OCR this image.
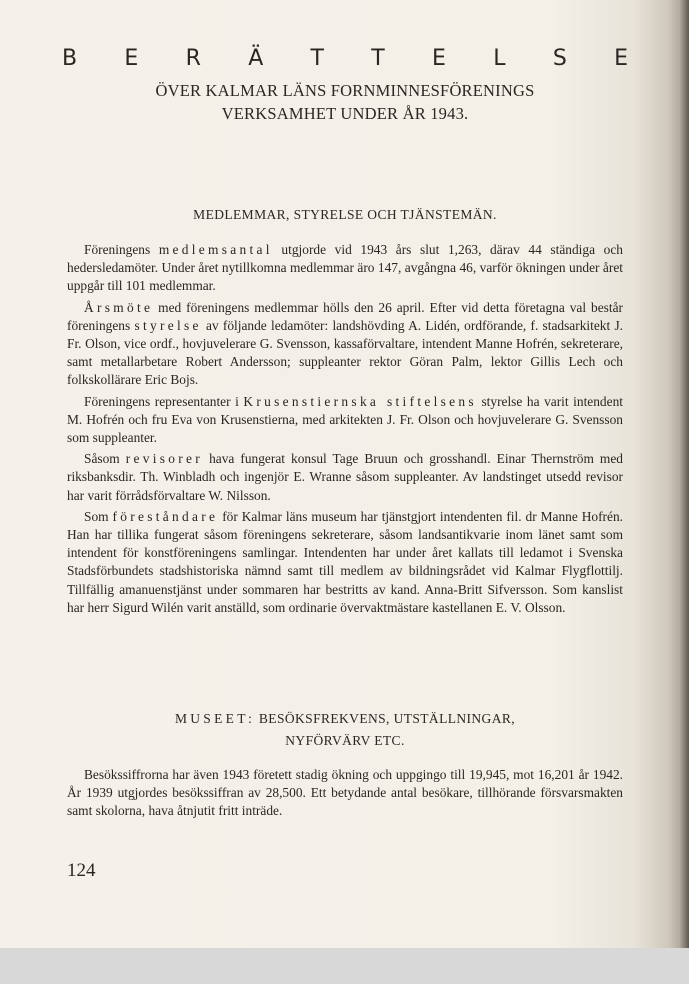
B E R Ä T T E L S E
ÖVER KALMAR LÄNS FORNMINNESFÖRENINGS
VERKSAMHET UNDER ÅR 1943.
MEDLEMMAR, STYRELSE OCH TJÄNSTEMÄN.

Föreningens medlemsantal utgjorde vid 1943 års slut 1,263, därav 44 ständiga och hedersledamöter. Under året nytillkomna medlemmar äro 147, avgångna 46, varför ökningen under året uppgår till 101 medlemmar.

Årsmöte med föreningens medlemmar hölls den 26 april. Efter vid detta företagna val består föreningens styrelse av följande ledamöter: landshövding A. Lidén, ordförande, f. stadsarkitekt J. Fr. Olson, vice ordf., hovjuvelerare G. Svensson, kassaförvaltare, intendent Manne Hofrén, sekreterare, samt metallarbetare Robert Andersson; suppleanter rektor Göran Palm, lektor Gillis Lech och folkskollärare Eric Bojs.

Föreningens representanter i Krusenstiernska stiftelsens styrelse ha varit intendent M. Hofrén och fru Eva von Krusenstierna, med arkitekten J. Fr. Olson och hovjuvelerare G. Svensson som suppleanter.

Såsom revisorer hava fungerat konsul Tage Bruun och grosshandl. Einar Thernström med riksbanksdir. Th. Winbladh och ingenjör E. Wranne såsom suppleanter. Av landstinget utsedd revisor har varit förrådsförvaltare W. Nilsson.

Som föreståndare för Kalmar läns museum har tjänstgjort intendenten fil. dr Manne Hofrén. Han har tillika fungerat såsom föreningens sekreterare, såsom landsantikvarie inom länet samt som intendent för konstföreningens samlingar. Intendenten har under året kallats till ledamot i Svenska Stadsförbundets stadshistoriska nämnd samt till medlem av bildningsrådet vid Kalmar Flygflottilj. Tillfällig amanuenstjänst under sommaren har bestritts av kand. Anna-Britt Sifversson. Som kanslist har herr Sigurd Wilén varit anställd, som ordinarie övervaktmästare kastellanen E. V. Olsson.

MUSEET: BESÖKSFREKVENS, UTSTÄLLNINGAR,
NYFÖRVÄRV ETC.

Besökssiffrorna har även 1943 företett stadig ökning och uppgingo till 19,945, mot 16,201 år 1942. År 1939 utgjordes besökssiffran av 28,500. Ett betydande antal besökare, tillhörande försvarsmakten samt skolorna, hava åtnjutit fritt inträde.

124
